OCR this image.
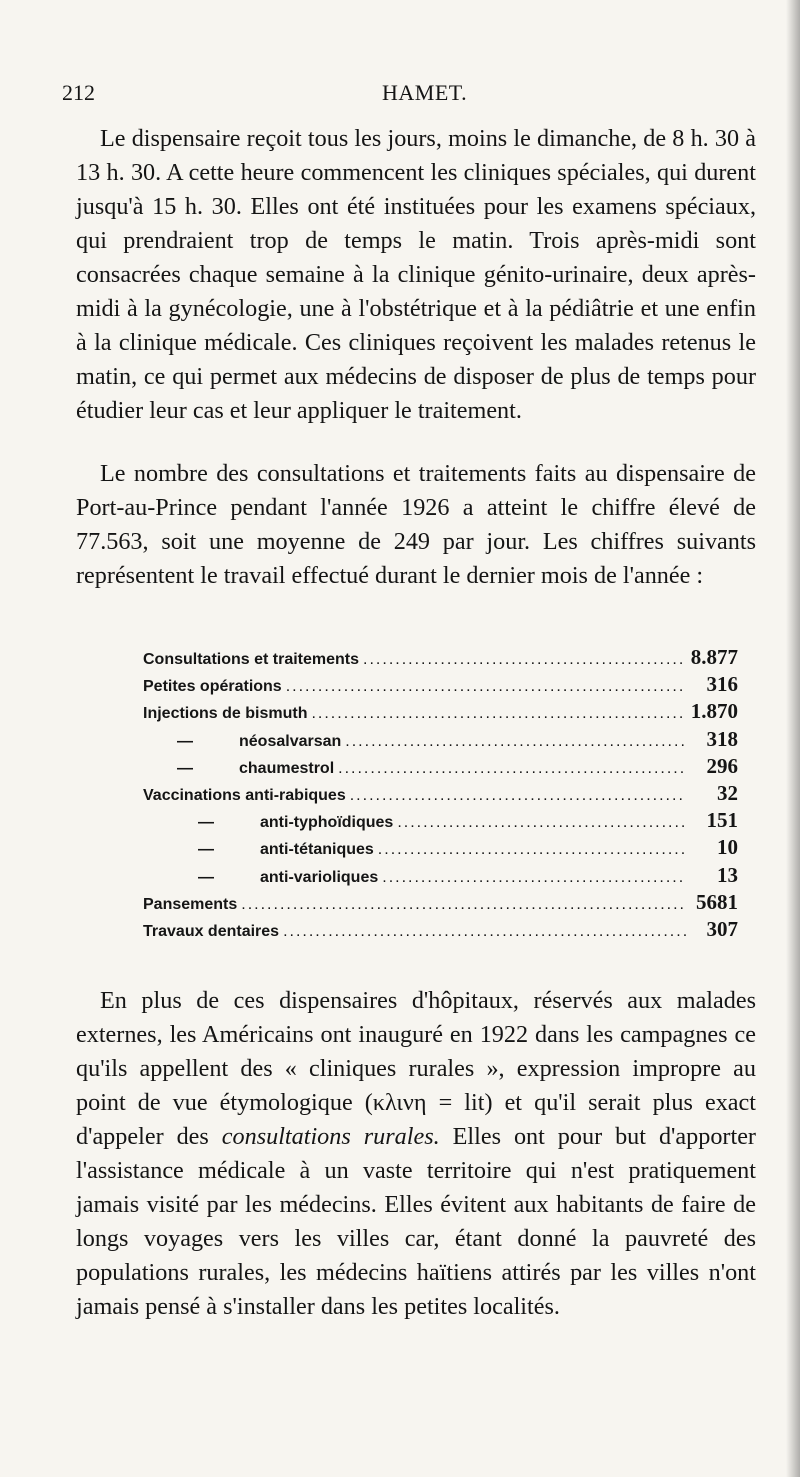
212	HAMET.

Le dispensaire reçoit tous les jours, moins le dimanche, de 8 h. 30 à 13 h. 30. A cette heure commencent les cliniques spéciales, qui durent jusqu'à 15 h. 30. Elles ont été instituées pour les examens spéciaux, qui prendraient trop de temps le matin. Trois après-midi sont consacrées chaque semaine à la clinique génito-urinaire, deux après-midi à la gynécologie, une à l'obstétrique et à la pédiâtrie et une enfin à la clinique médicale. Ces cliniques reçoivent les malades retenus le matin, ce qui permet aux médecins de disposer de plus de temps pour étudier leur cas et leur appliquer le traitement.

Le nombre des consultations et traitements faits au dispensaire de Port-au-Prince pendant l'année 1926 a atteint le chiffre élevé de 77.563, soit une moyenne de 249 par jour. Les chiffres suivants représentent le travail effectué durant le dernier mois de l'année :

Consultations et traitements .....	8.877
Petites opérations .....	316
Injections de bismuth .....	1.870
—	néosalvarsan .....	318
—	chaumestrol .....	296
Vaccinations anti-rabiques .....	32
—	anti-typhoïdiques .....	151
—	anti-tétaniques .....	10
—	anti-varioliques .....	13
Pansements .....	5681
Travaux dentaires .....	307

En plus de ces dispensaires d'hôpitaux, réservés aux malades externes, les Américains ont inauguré en 1922 dans les campagnes ce qu'ils appellent des « cliniques rurales », expression impropre au point de vue étymologique (κλινη = lit) et qu'il serait plus exact d'appeler des consultations rurales. Elles ont pour but d'apporter l'assistance médicale à un vaste territoire qui n'est pratiquement jamais visité par les médecins. Elles évitent aux habitants de faire de longs voyages vers les villes car, étant donné la pauvreté des populations rurales, les médecins haïtiens attirés par les villes n'ont jamais pensé à s'installer dans les petites localités.
